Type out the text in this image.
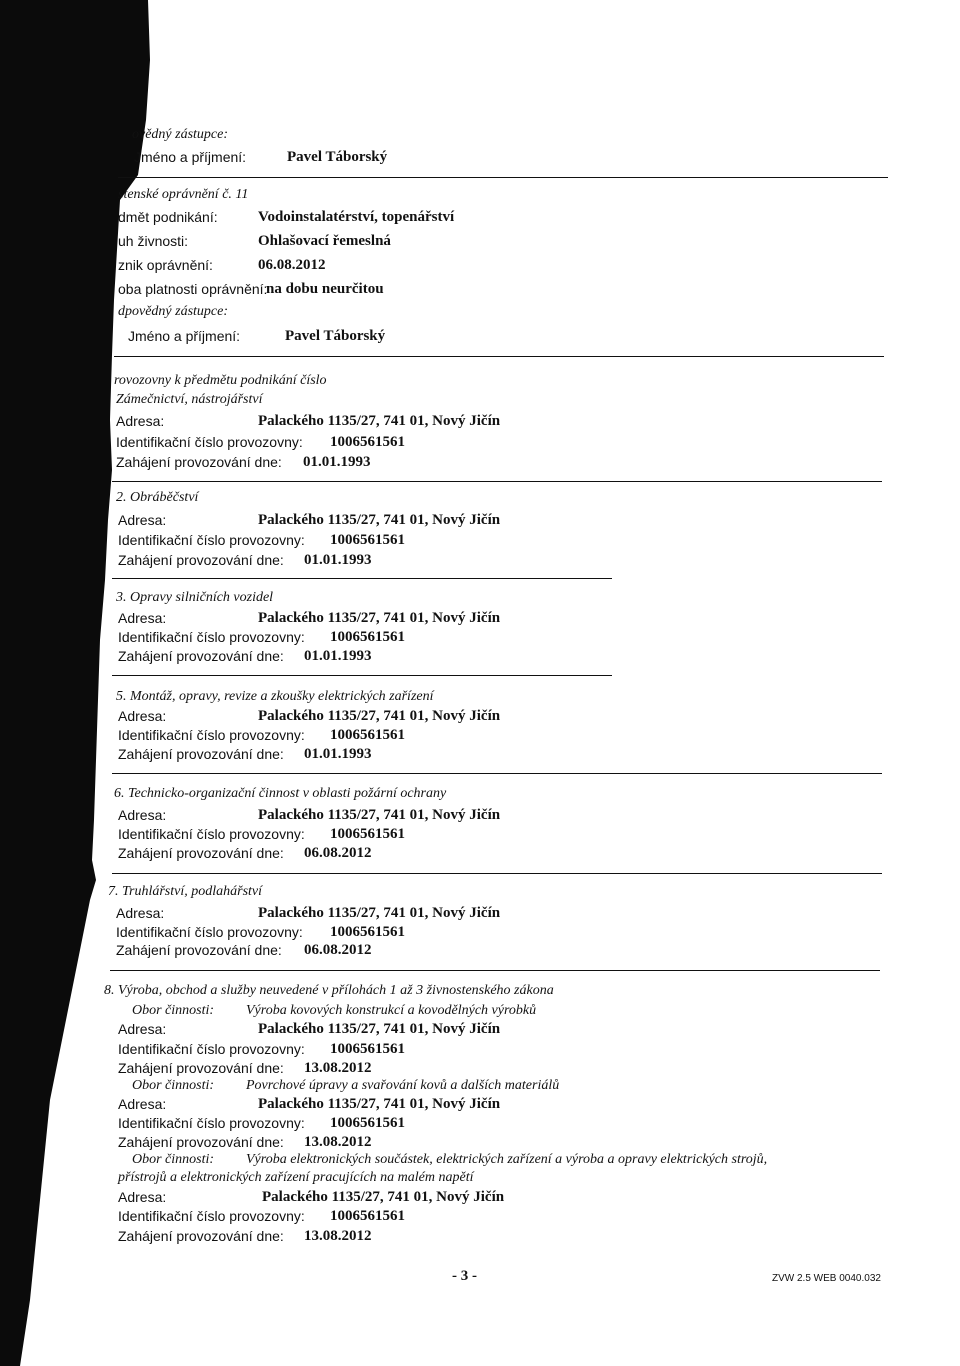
ovědný zástupce:
Jméno a příjmení:	Pavel Táborský
stenské oprávnění č. 11
dmět podnikání:	Vodoinstalatérství, topenářství
uh živnosti:	Ohlašovací řemeslná
znik oprávnění:	06.08.2012
oba platnosti oprávnění:
na dobu neurčitou
dpovědný zástupce:
Jméno a příjmení:	Pavel Táborský
rovozovny k předmětu podnikání číslo
Zámečnictví, nástrojářství
Adresa:	Palackého 1135/27, 741 01, Nový Jičín
Identifikační číslo provozovny: 1006561561
Zahájení provozování dne: 01.01.1993
2. Obráběčství
Adresa:	Palackého 1135/27, 741 01, Nový Jičín
Identifikační číslo provozovny: 1006561561
Zahájení provozování dne: 01.01.1993
3. Opravy silničních vozidel
Adresa:	Palackého 1135/27, 741 01, Nový Jičín
Identifikační číslo provozovny: 1006561561
Zahájení provozování dne: 01.01.1993
5. Montáž, opravy, revize a zkoušky elektrických zařízení
Adresa:	Palackého 1135/27, 741 01, Nový Jičín
Identifikační číslo provozovny: 1006561561
Zahájení provozování dne: 01.01.1993
6. Technicko-organizační činnost v oblasti požární ochrany
Adresa:	Palackého 1135/27, 741 01, Nový Jičín
Identifikační číslo provozovny: 1006561561
Zahájení provozování dne: 06.08.2012
7. Truhlářství, podlahářství
Adresa:	Palackého 1135/27, 741 01, Nový Jičín
Identifikační číslo provozovny: 1006561561
Zahájení provozování dne: 06.08.2012
8. Výroba, obchod a služby neuvedené v přílohách 1 až 3 živnostenského zákona
Obor činnosti: Výroba kovových konstrukcí a kovodělných výrobků
Adresa:	Palackého 1135/27, 741 01, Nový Jičín
Identifikační číslo provozovny: 1006561561
Zahájení provozování dne: 13.08.2012
Obor činnosti: Povrchové úpravy a svařování kovů a dalších materiálů
Adresa:	Palackého 1135/27, 741 01, Nový Jičín
Identifikační číslo provozovny: 1006561561
Zahájení provozování dne: 13.08.2012
Obor činnosti: Výroba elektronických součástek, elektrických zařízení a výroba a opravy elektrických strojů,
přístrojů a elektronických zařízení pracujících na malém napětí
Adresa:	Palackého 1135/27, 741 01, Nový Jičín
Identifikační číslo provozovny: 1006561561
Zahájení provozování dne: 13.08.2012
- 3 -	ZVW 2.5 WEB 0040.032
